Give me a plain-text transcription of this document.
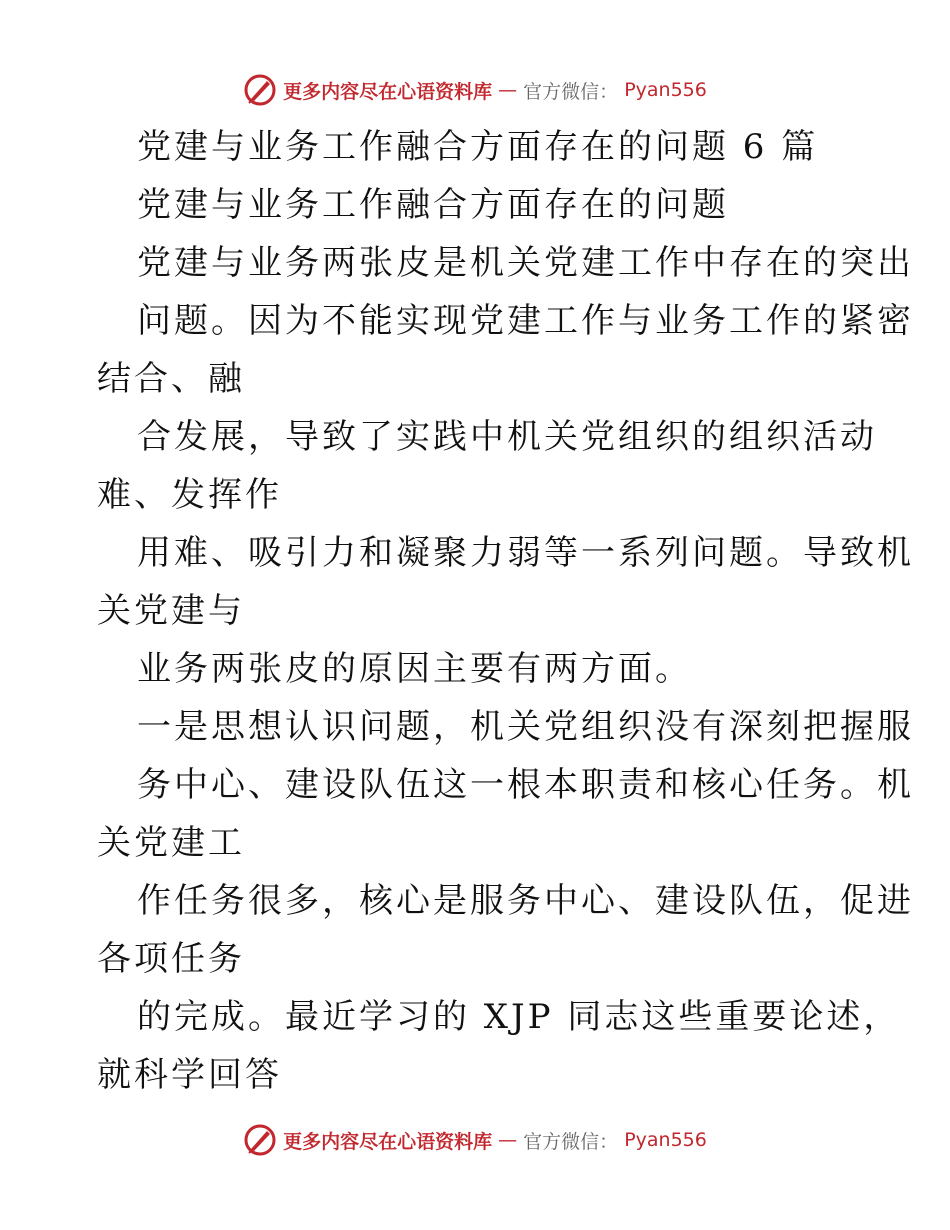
更多内容尽在心语资料库 — 官方微信： Pyan556
党建与业务工作融合方面存在的问题 6 篇
党建与业务工作融合方面存在的问题
党建与业务两张皮是机关党建工作中存在的突出
问题。因为不能实现党建工作与业务工作的紧密
结合、融
合发展，导致了实践中机关党组织的组织活动
难、发挥作
用难、吸引力和凝聚力弱等一系列问题。导致机
关党建与
业务两张皮的原因主要有两方面。
一是思想认识问题，机关党组织没有深刻把握服
务中心、建设队伍这一根本职责和核心任务。机
关党建工
作任务很多，核心是服务中心、建设队伍，促进
各项任务
的完成。最近学习的 XJP 同志这些重要论述，
就科学回答
更多内容尽在心语资料库 — 官方微信： Pyan556
